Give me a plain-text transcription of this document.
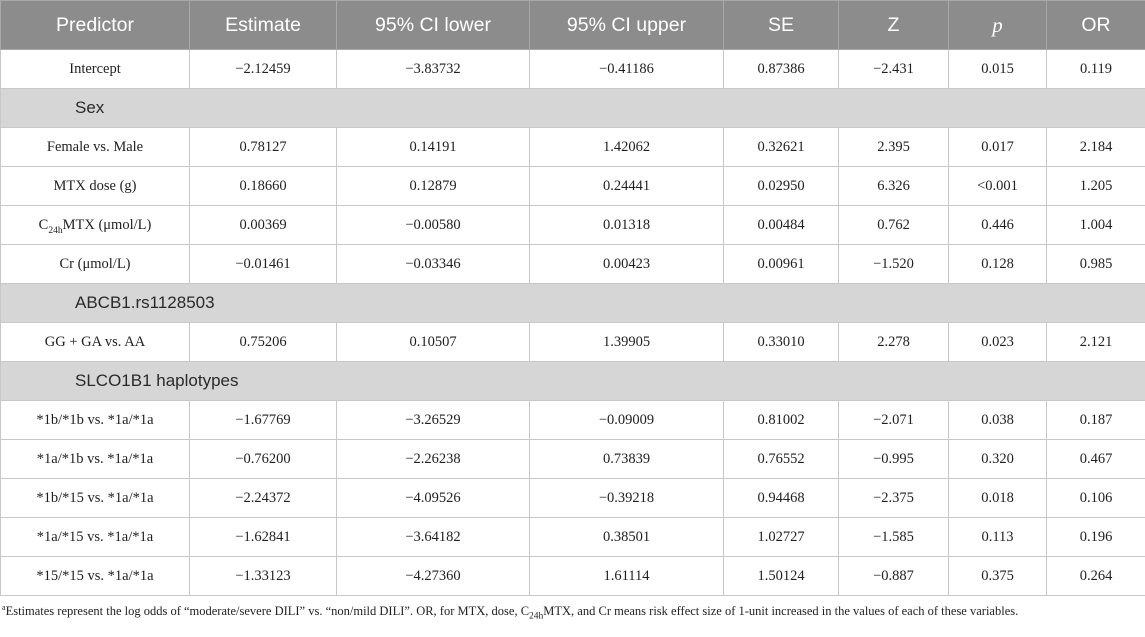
Predictor	Estimate	95% CI lower	95% CI upper	SE	Z	p	OR
Intercept	−2.12459	−3.83732	−0.41186	0.87386	−2.431	0.015	0.119
Sex							
Female vs. Male	0.78127	0.14191	1.42062	0.32621	2.395	0.017	2.184
MTX dose (g)	0.18660	0.12879	0.24441	0.02950	6.326	<0.001	1.205
$C_{24h}MTX$ (μmol/L)	0.00369	−0.00580	0.01318	0.00484	0.762	0.446	1.004
Cr (μmol/L)	−0.01461	−0.03346	0.00423	0.00961	−1.520	0.128	0.985
ABCB1.rs1128503							
GG + GA vs. AA	0.75206	0.10507	1.39905	0.33010	2.278	0.023	2.121
SLCO1B1 haplotypes							
*1b/*1b vs. *1a/*1a	−1.67769	−3.26529	−0.09009	0.81002	−2.071	0.038	0.187
*1a/*1b vs. *1a/*1a	−0.76200	−2.26238	0.73839	0.76552	−0.995	0.320	0.467
*1b/*15 vs. *1a/*1a	−2.24372	−4.09526	−0.39218	0.94468	−2.375	0.018	0.106
*1a/*15 vs. *1a/*1a	−1.62841	−3.64182	0.38501	1.02727	−1.585	0.113	0.196
*15/*15 vs. *1a/*1a	−1.33123	−4.27360	1.61114	1.50124	−0.887	0.375	0.264
$^a$Estimates represent the log odds of “moderate/severe DILI” vs. “non/mild DILI”. OR, for MTX, dose, $C_{24h}MTX$, and Cr means risk effect size of 1-unit increased in the values of each of these variables.
